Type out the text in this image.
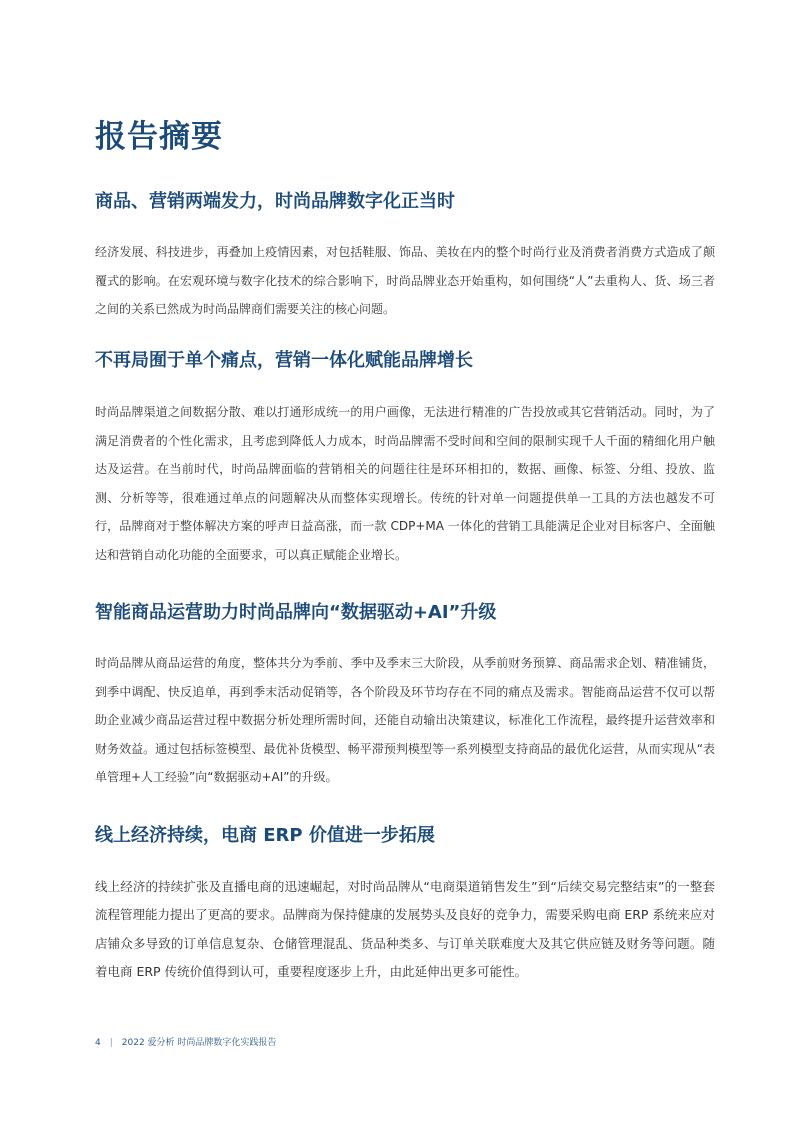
报告摘要
商品、营销两端发力，时尚品牌数字化正当时

经济发展、科技进步，再叠加上疫情因素，对包括鞋服、饰品、美妆在内的整个时尚行业及消费者消费方式造成了颠覆式的影响。在宏观环境与数字化技术的综合影响下，时尚品牌业态开始重构，如何围绕“人”去重构人、货、场三者之间的关系已然成为时尚品牌商们需要关注的核心问题。

不再局囿于单个痛点，营销一体化赋能品牌增长

时尚品牌渠道之间数据分散、难以打通形成统一的用户画像，无法进行精准的广告投放或其它营销活动。同时，为了满足消费者的个性化需求，且考虑到降低人力成本，时尚品牌需不受时间和空间的限制实现千人千面的精细化用户触达及运营。在当前时代，时尚品牌面临的营销相关的问题往往是环环相扣的，数据、画像、标签、分组、投放、监测、分析等等，很难通过单点的问题解决从而整体实现增长。传统的针对单一问题提供单一工具的方法也越发不可行，品牌商对于整体解决方案的呼声日益高涨，而一款 CDP+MA 一体化的营销工具能满足企业对目标客户、全面触达和营销自动化功能的全面要求，可以真正赋能企业增长。

智能商品运营助力时尚品牌向“数据驱动+AI”升级

时尚品牌从商品运营的角度，整体共分为季前、季中及季末三大阶段，从季前财务预算、商品需求企划、精准铺货，到季中调配、快反追单，再到季末活动促销等，各个阶段及环节均存在不同的痛点及需求。智能商品运营不仅可以帮助企业减少商品运营过程中数据分析处理所需时间，还能自动输出决策建议，标准化工作流程，最终提升运营效率和财务效益。通过包括标签模型、最优补货模型、畅平滞预判模型等一系列模型支持商品的最优化运营，从而实现从“表单管理+人工经验”向“数据驱动+AI”的升级。

线上经济持续，电商 ERP 价值进一步拓展

线上经济的持续扩张及直播电商的迅速崛起，对时尚品牌从“电商渠道销售发生”到“后续交易完整结束”的一整套流程管理能力提出了更高的要求。品牌商为保持健康的发展势头及良好的竞争力，需要采购电商 ERP 系统来应对店铺众多导致的订单信息复杂、仓储管理混乱、货品种类多、与订单关联难度大及其它供应链及财务等问题。随着电商 ERP 传统价值得到认可，重要程度逐步上升，由此延伸出更多可能性。

4 | 2022 爱分析 时尚品牌数字化实践报告
